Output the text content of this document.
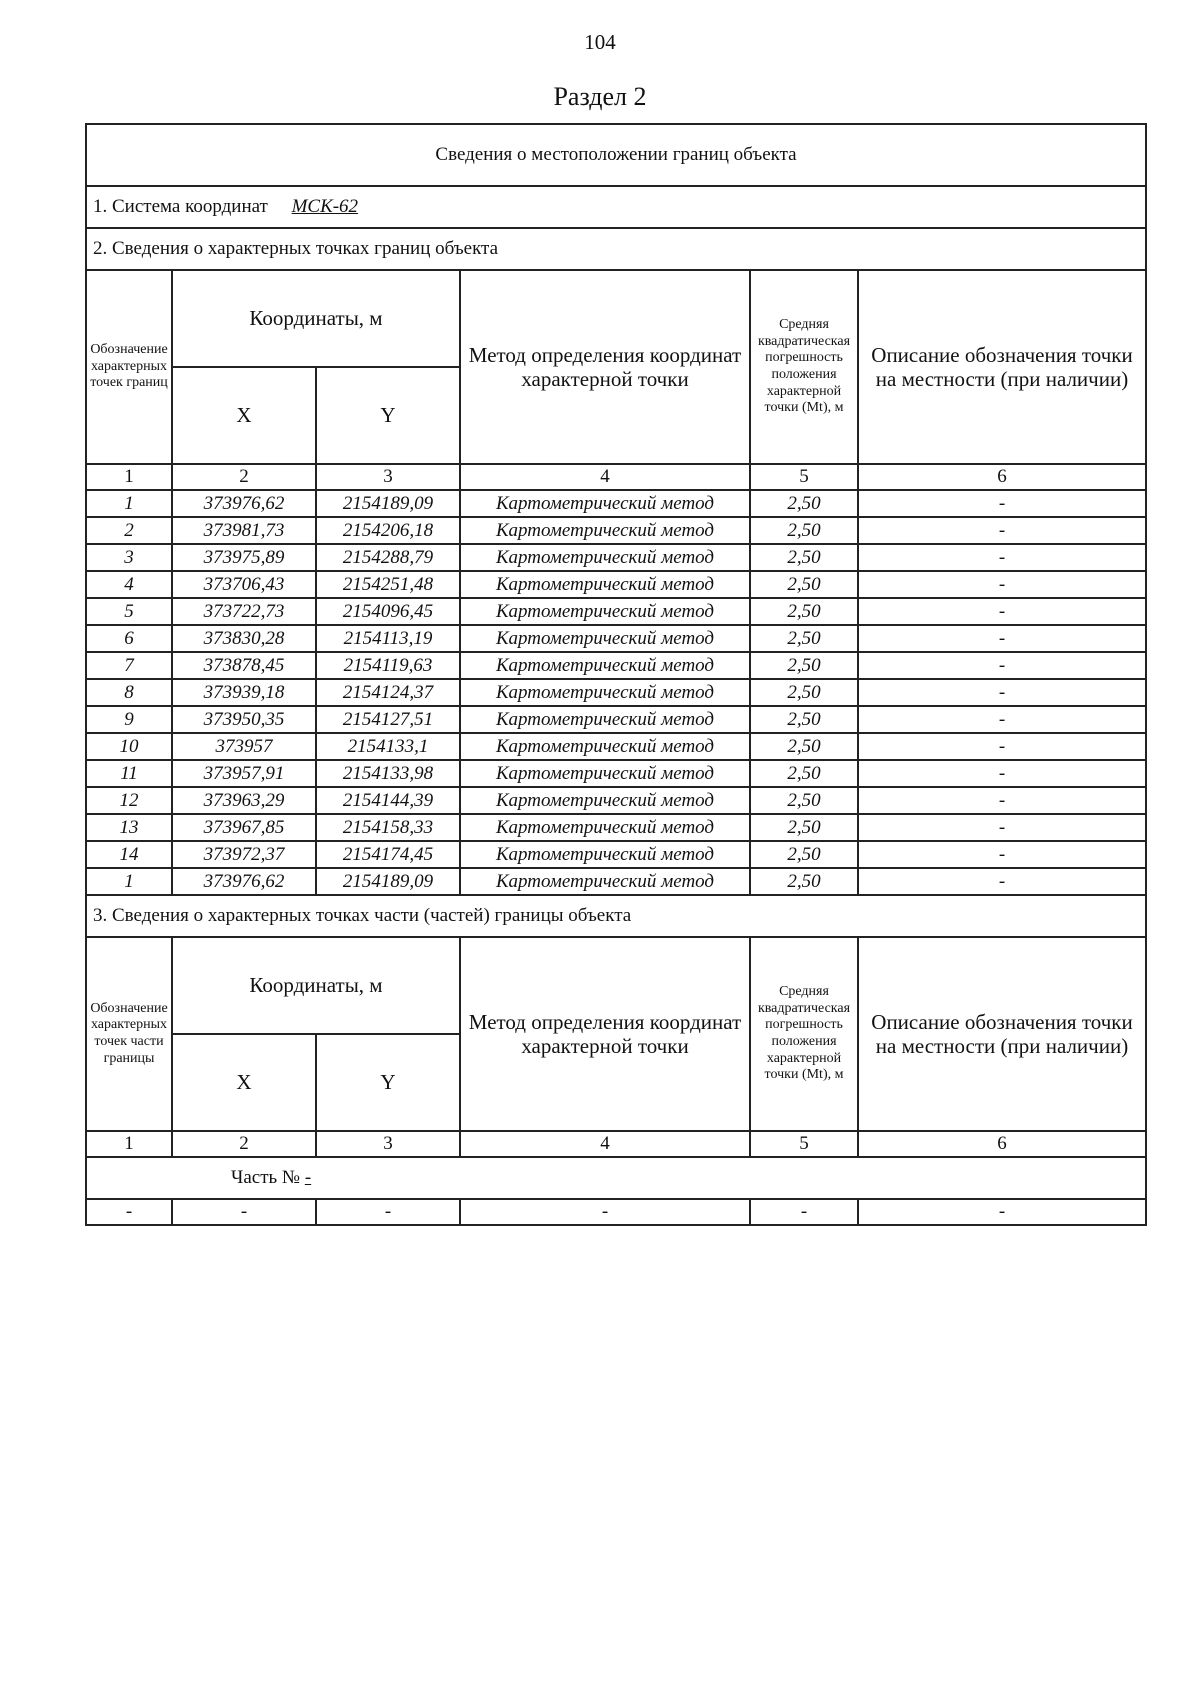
104
Раздел 2
Сведения о местоположении границ объекта					
1. Система координат МСК-62					
2. Сведения о характерных точках границ объекта					
Обозначение характерных точек границ	Координаты, м		Метод определения координат характерной точки	Средняя квадратическая погрешность положения характерной точки (Mt), м	Описание обозначения точки на местности (при наличии)
	X	Y			
1	2	3	4	5	6
1	373976,62	2154189,09	Картометрический метод	2,50	-
2	373981,73	2154206,18	Картометрический метод	2,50	-
3	373975,89	2154288,79	Картометрический метод	2,50	-
4	373706,43	2154251,48	Картометрический метод	2,50	-
5	373722,73	2154096,45	Картометрический метод	2,50	-
6	373830,28	2154113,19	Картометрический метод	2,50	-
7	373878,45	2154119,63	Картометрический метод	2,50	-
8	373939,18	2154124,37	Картометрический метод	2,50	-
9	373950,35	2154127,51	Картометрический метод	2,50	-
10	373957	2154133,1	Картометрический метод	2,50	-
11	373957,91	2154133,98	Картометрический метод	2,50	-
12	373963,29	2154144,39	Картометрический метод	2,50	-
13	373967,85	2154158,33	Картометрический метод	2,50	-
14	373972,37	2154174,45	Картометрический метод	2,50	-
1	373976,62	2154189,09	Картометрический метод	2,50	-
3. Сведения о характерных точках части (частей) границы объекта					
Обозначение характерных точек части границы	Координаты, м		Метод определения координат характерной точки	Средняя квадратическая погрешность положения характерной точки (Mt), м	Описание обозначения точки на местности (при наличии)
	X	Y			
1	2	3	4	5	6
Часть № -					
-	-	-	-	-	-
